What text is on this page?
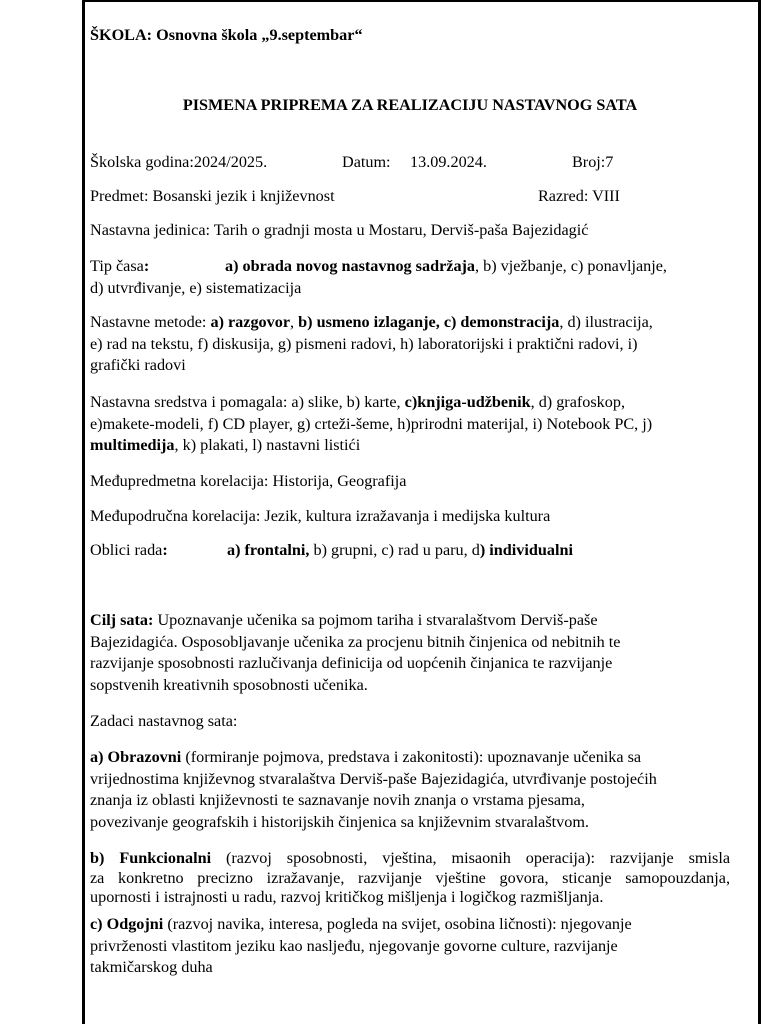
ŠKOLA: Osnovna škola „9.septembar“
PISMENA PRIPREMA ZA REALIZACIJU NASTAVNOG SATA
Školska godina:2024/2025.	Datum: 13.09.2024.	Broj:7
Predmet: Bosanski jezik i književnost	Razred: VIII
Nastavna jedinica: Tarih o gradnji mosta u Mostaru, Derviš-paša Bajezidagić
Tip časa:	a) obrada novog nastavnog sadržaja, b) vježbanje, c) ponavljanje,
d) utvrđivanje, e) sistematizacija
Nastavne metode: a) razgovor, b) usmeno izlaganje, c) demonstracija, d) ilustracija,
e) rad na tekstu, f) diskusija, g) pismeni radovi, h) laboratorijski i praktični radovi, i)
grafički radovi
Nastavna sredstva i pomagala: a) slike, b) karte, c)knjiga-udžbenik, d) grafoskop,
e)makete-modeli, f) CD player, g) crteži-šeme, h)prirodni materijal, i) Notebook PC, j)
multimedija, k) plakati, l) nastavni listići
Međupredmetna korelacija: Historija, Geografija
Međupodručna korelacija: Jezik, kultura izražavanja i medijska kultura
Oblici rada:	a) frontalni, b) grupni, c) rad u paru, d) individualni
Cilj sata: Upoznavanje učenika sa pojmom tariha i stvaralaštvom Derviš-paše
Bajezidagića. Osposobljavanje učenika za procjenu bitnih činjenica od nebitnih te
razvijanje sposobnosti razlučivanja definicija od uopćenih činjanica te razvijanje
sopstvenih kreativnih sposobnosti učenika.
Zadaci nastavnog sata:
a) Obrazovni (formiranje pojmova, predstava i zakonitosti): upoznavanje učenika sa
vrijednostima književnog stvaralaštva Derviš-paše Bajezidagića, utvrđivanje postojećih
znanja iz oblasti književnosti te saznavanje novih znanja o vrstama pjesama,
povezivanje geografskih i historijskih činjenica sa književnim stvaralaštvom.
b) Funkcionalni (razvoj sposobnosti, vještina, misaonih operacija): razvijanje smisla
za konkretno precizno izražavanje, razvijanje vještine govora, sticanje samopouzdanja,
upornosti i istrajnosti u radu, razvoj kritičkog mišljenja i logičkog razmišljanja.
c) Odgojni (razvoj navika, interesa, pogleda na svijet, osobina ličnosti): njegovanje
privrženosti vlastitom jeziku kao nasljeđu, njegovanje govorne culture, razvijanje
takmičarskog duha
